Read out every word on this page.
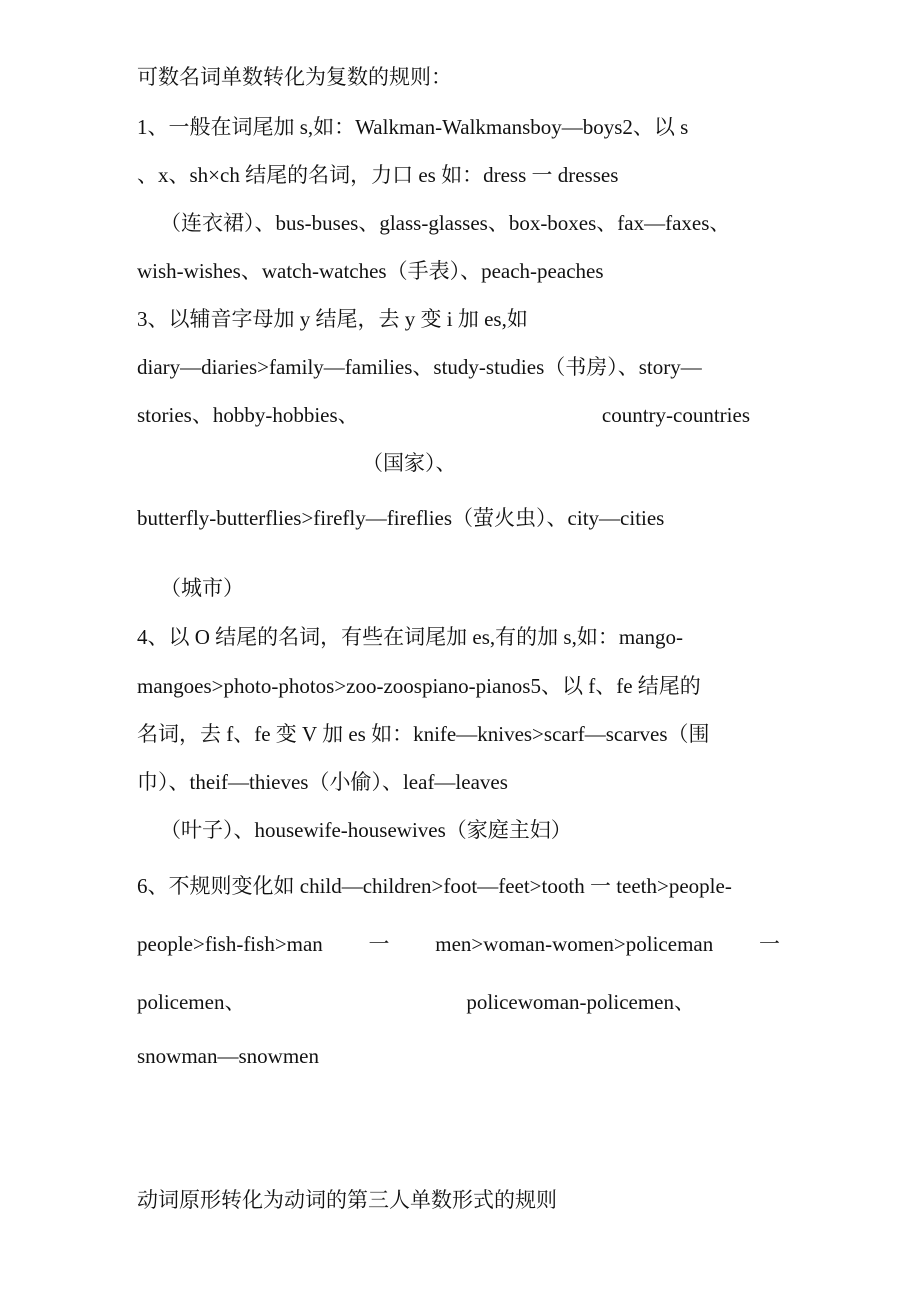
可数名词单数转化为复数的规则：
1、一般在词尾加 s,如：Walkman-Walkmansboy—boys2、以 s
、x、sh×ch 结尾的名词，力口 es 如：dress 一 dresses
（连衣裙）、bus-buses、glass-glasses、box-boxes、fax—faxes、
wish-wishes、watch-watches（手表）、peach-peaches
3、以辅音字母加 y 结尾，去 y 变 i 加 es,如
diary—diaries>family—families、study-studies（书房）、story—
stories、hobby-hobbies、	country-countries
（国家）、
butterfly-butterflies>firefly—fireflies（萤火虫）、city—cities
（城市）
4、以 O 结尾的名词，有些在词尾加 es,有的加 s,如：mango-
mangoes>photo-photos>zoo-zoospiano-pianos5、以 f、fe 结尾的
名词，去 f、fe 变 V 加 es 如：knife—knives>scarf—scarves（围
巾）、theif—thieves（小偷）、leaf—leaves
（叶子）、housewife-housewives（家庭主妇）
6、不规则变化如 child—children>foot—feet>tooth 一 teeth>people-
people>fish-fish>man 一 men>woman-women>policeman 一
policemen、	policewoman-policemen、
snowman—snowmen
动词原形转化为动词的第三人单数形式的规则
